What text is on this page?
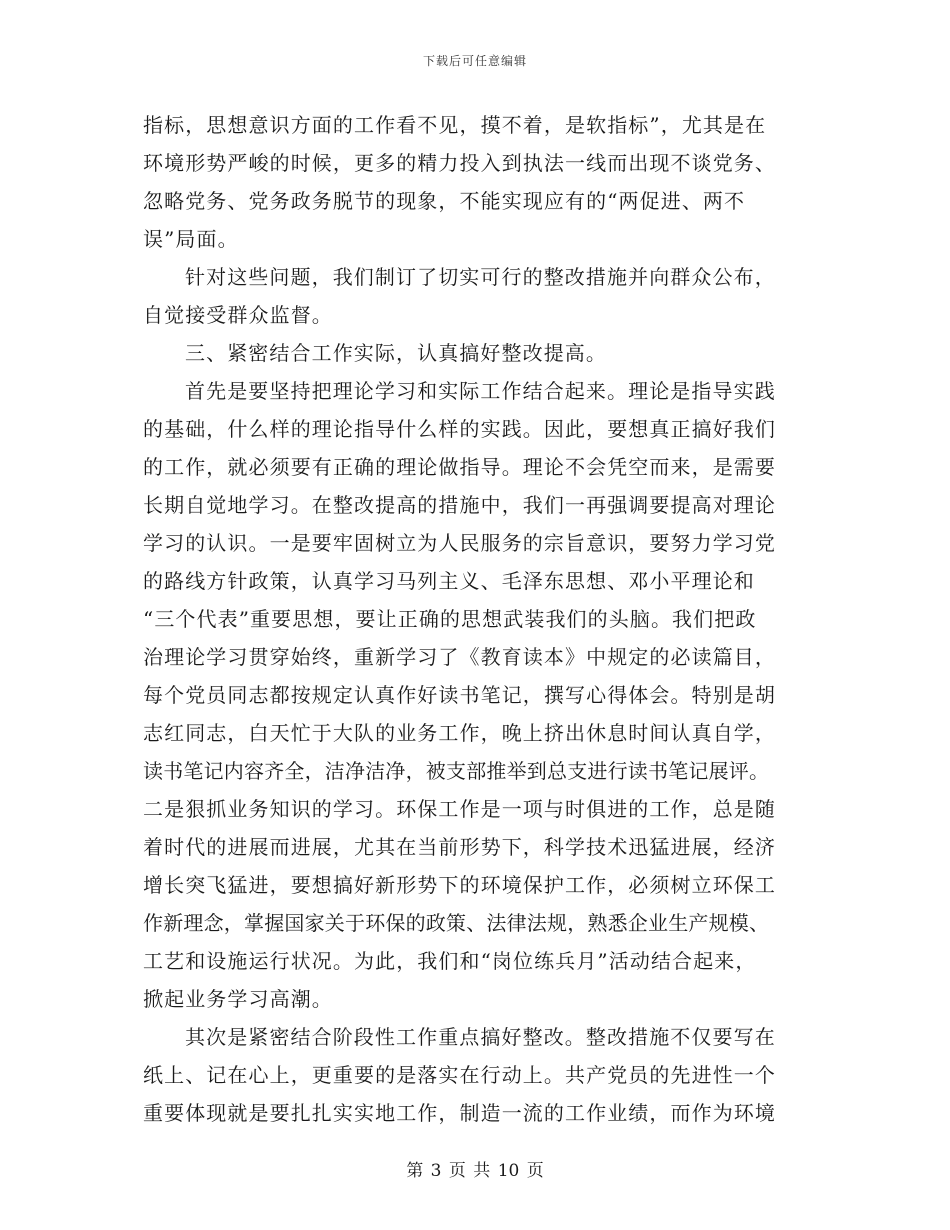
下载后可任意编辑
指标，思想意识方面的工作看不见，摸不着，是软指标”，尤其是在
环境形势严峻的时候，更多的精力投入到执法一线而出现不谈党务、
忽略党务、党务政务脱节的现象，不能实现应有的“两促进、两不
误”局面。
针对这些问题，我们制订了切实可行的整改措施并向群众公布，
自觉接受群众监督。
三、紧密结合工作实际，认真搞好整改提高。
首先是要坚持把理论学习和实际工作结合起来。理论是指导实践
的基础，什么样的理论指导什么样的实践。因此，要想真正搞好我们
的工作，就必须要有正确的理论做指导。理论不会凭空而来，是需要
长期自觉地学习。在整改提高的措施中，我们一再强调要提高对理论
学习的认识。一是要牢固树立为人民服务的宗旨意识，要努力学习党
的路线方针政策，认真学习马列主义、毛泽东思想、邓小平理论和
“三个代表”重要思想，要让正确的思想武装我们的头脑。我们把政
治理论学习贯穿始终，重新学习了《教育读本》中规定的必读篇目，
每个党员同志都按规定认真作好读书笔记，撰写心得体会。特别是胡
志红同志，白天忙于大队的业务工作，晚上挤出休息时间认真自学，
读书笔记内容齐全，洁净洁净，被支部推举到总支进行读书笔记展评。
二是狠抓业务知识的学习。环保工作是一项与时俱进的工作，总是随
着时代的进展而进展，尤其在当前形势下，科学技术迅猛进展，经济
增长突飞猛进，要想搞好新形势下的环境保护工作，必须树立环保工
作新理念，掌握国家关于环保的政策、法律法规，熟悉企业生产规模、
工艺和设施运行状况。为此，我们和“岗位练兵月”活动结合起来，
掀起业务学习高潮。
其次是紧密结合阶段性工作重点搞好整改。整改措施不仅要写在
纸上、记在心上，更重要的是落实在行动上。共产党员的先进性一个
重要体现就是要扎扎实实地工作，制造一流的工作业绩，而作为环境
第 3 页 共 10 页
